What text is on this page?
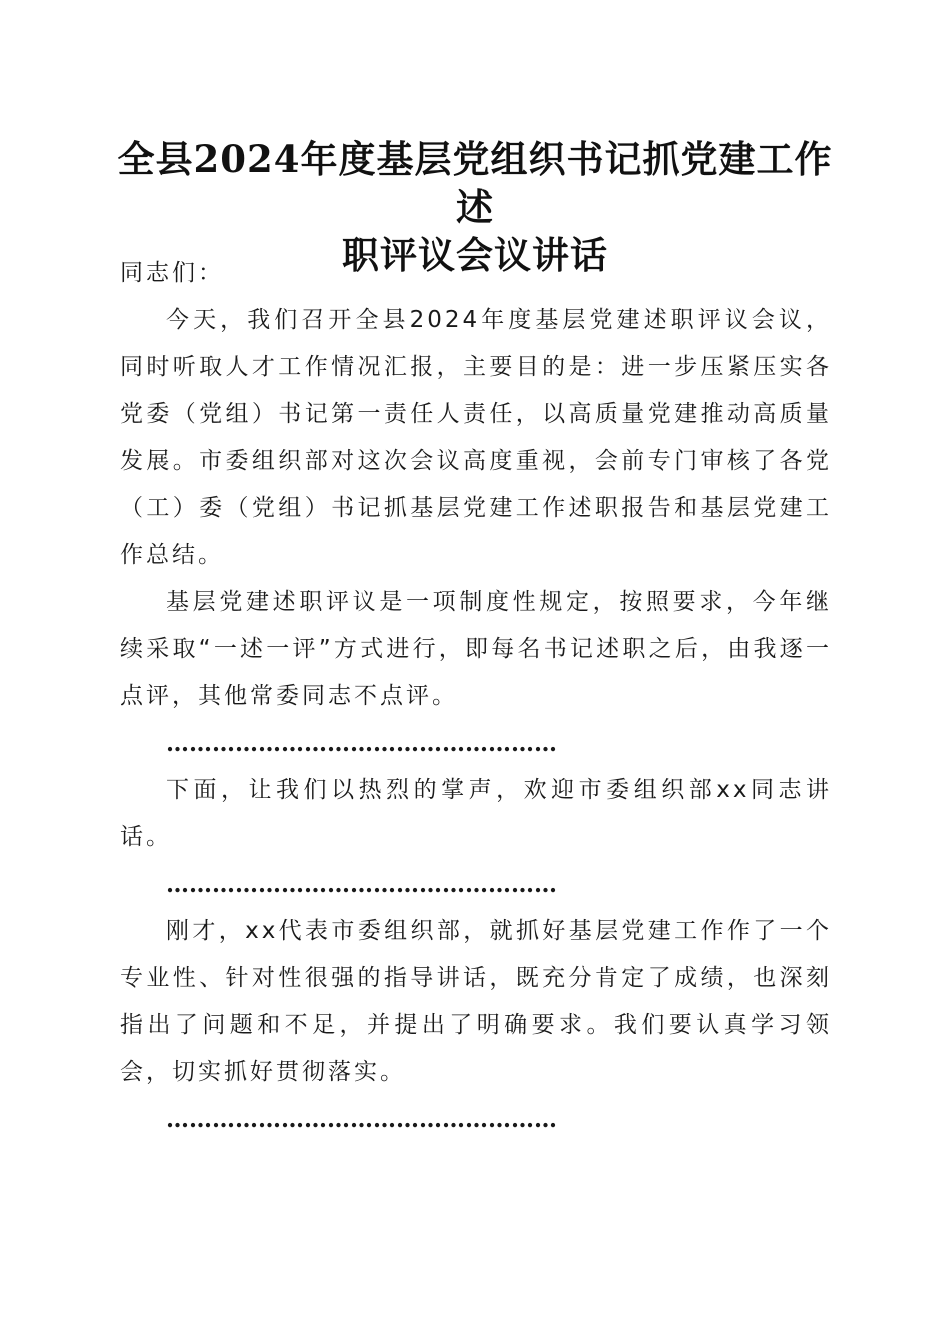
全县2024年度基层党组织书记抓党建工作述
职评议会议讲话

同志们：

今天，我们召开全县2024年度基层党建述职评议会议，同时听取人才工作情况汇报，主要目的是：进一步压紧压实各党委（党组）书记第一责任人责任，以高质量党建推动高质量发展。市委组织部对这次会议高度重视，会前专门审核了各党（工）委（党组）书记抓基层党建工作述职报告和基层党建工作总结。

基层党建述职评议是一项制度性规定，按照要求，今年继续采取“一述一评”方式进行，即每名书记述职之后，由我逐一点评，其他常委同志不点评。

……………………………………………

下面，让我们以热烈的掌声，欢迎市委组织部xx同志讲话。

……………………………………………

刚才，xx代表市委组织部，就抓好基层党建工作作了一个专业性、针对性很强的指导讲话，既充分肯定了成绩，也深刻指出了问题和不足，并提出了明确要求。我们要认真学习领会，切实抓好贯彻落实。

……………………………………………
